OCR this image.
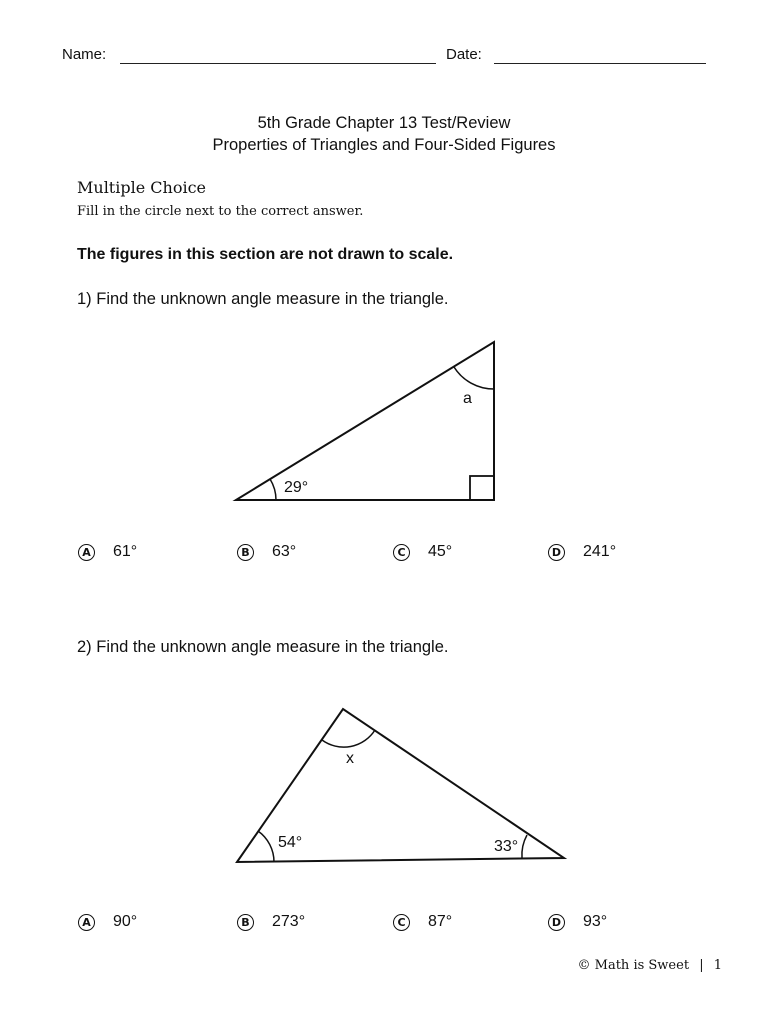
Name:	Date:
5th Grade Chapter 13 Test/Review
Properties of Triangles and Four-Sided Figures
Multiple Choice
Fill in the circle next to the correct answer.
The figures in this section are not drawn to scale.
1) Find the unknown angle measure in the triangle.
a
29°
A 61°	B 63°	C 45°	D 241°
2) Find the unknown angle measure in the triangle.
x
54°	33°
A 90°	B 273°	C 87°	D 93°
© Math is Sweet | 1
